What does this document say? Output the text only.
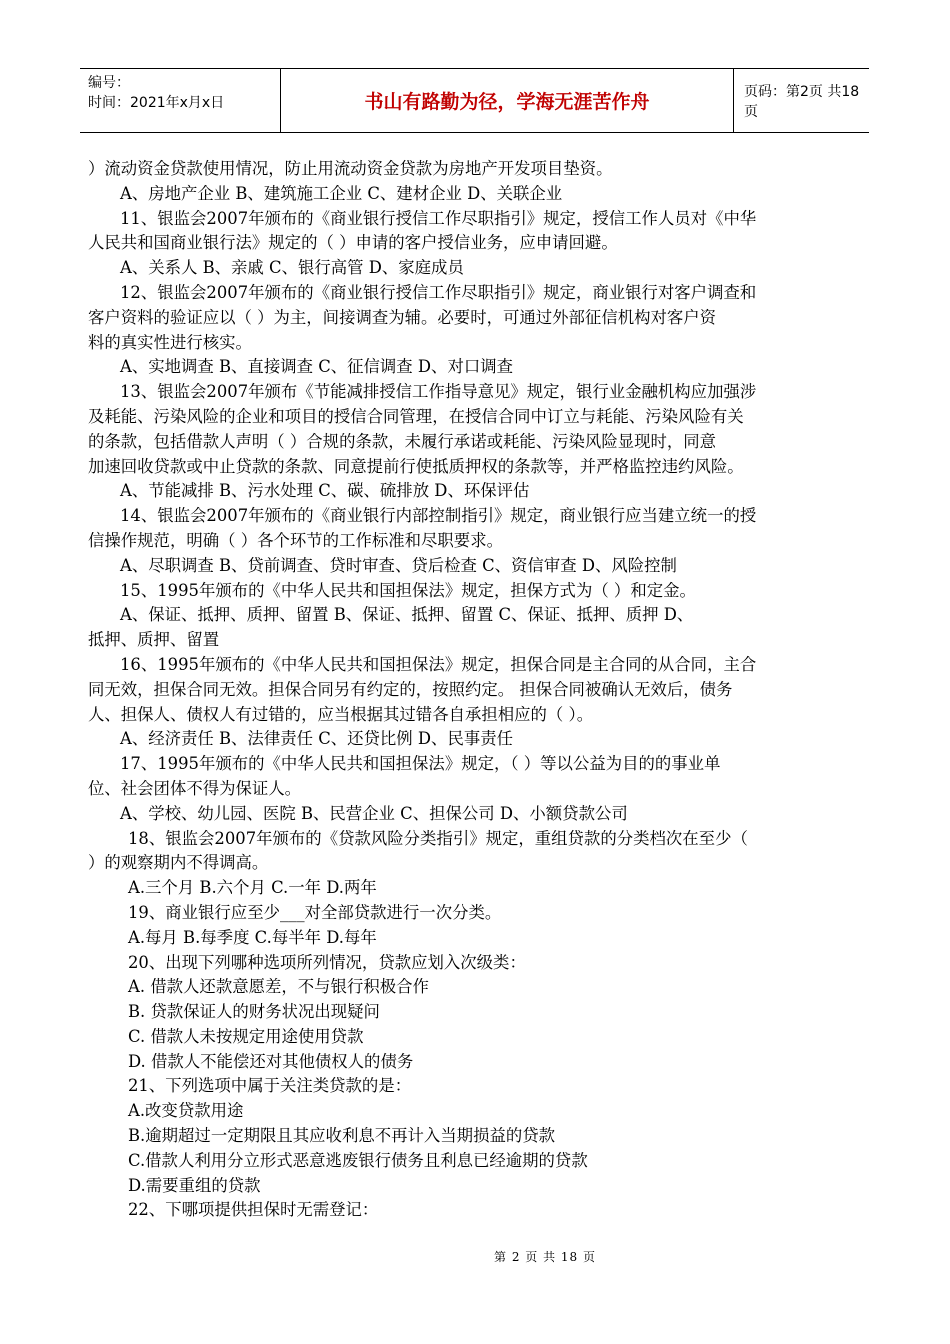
编号：
时间：2021年x月x日	书山有路勤为径，学海无涯苦作舟	页码：第2页 共18页

）流动资金贷款使用情况，防止用流动资金贷款为房地产开发项目垫资。

A、房地产企业 B、建筑施工企业 C、建材企业 D、关联企业

11、银监会2007年颁布的《商业银行授信工作尽职指引》规定，授信工作人员对《中华

人民共和国商业银行法》规定的（ ）申请的客户授信业务，应申请回避。

A、关系人 B、亲戚 C、银行高管 D、家庭成员

12、银监会2007年颁布的《商业银行授信工作尽职指引》规定，商业银行对客户调查和

客户资料的验证应以（ ）为主，间接调查为辅。必要时，可通过外部征信机构对客户资

料的真实性进行核实。

A、实地调查 B、直接调查 C、征信调查 D、对口调查

13、银监会2007年颁布《节能减排授信工作指导意见》规定，银行业金融机构应加强涉

及耗能、污染风险的企业和项目的授信合同管理，在授信合同中订立与耗能、污染风险有关

的条款，包括借款人声明（ ）合规的条款，未履行承诺或耗能、污染风险显现时，同意

加速回收贷款或中止贷款的条款、同意提前行使抵质押权的条款等，并严格监控违约风险。

A、节能减排 B、污水处理 C、碳、硫排放 D、环保评估

14、银监会2007年颁布的《商业银行内部控制指引》规定，商业银行应当建立统一的授

信操作规范，明确（ ）各个环节的工作标准和尽职要求。

A、尽职调查 B、贷前调查、贷时审查、贷后检查 C、资信审查 D、风险控制

15、1995年颁布的《中华人民共和国担保法》规定，担保方式为（ ）和定金。

A、保证、抵押、质押、留置 B、保证、抵押、留置 C、保证、抵押、质押 D、

抵押、质押、留置

16、1995年颁布的《中华人民共和国担保法》规定，担保合同是主合同的从合同，主合

同无效，担保合同无效。担保合同另有约定的，按照约定。 担保合同被确认无效后，债务

人、担保人、债权人有过错的，应当根据其过错各自承担相应的（ ）。

A、经济责任 B、法律责任 C、还贷比例 D、民事责任

17、1995年颁布的《中华人民共和国担保法》规定，（ ）等以公益为目的的事业单

位、社会团体不得为保证人。

A、学校、幼儿园、医院 B、民营企业 C、担保公司 D、小额贷款公司

18、银监会2007年颁布的《贷款风险分类指引》规定，重组贷款的分类档次在至少（

）的观察期内不得调高。

A.三个月 B.六个月 C.一年 D.两年

19、商业银行应至少___对全部贷款进行一次分类。

A.每月 B.每季度 C.每半年 D.每年

20、出现下列哪种选项所列情况，贷款应划入次级类：

A. 借款人还款意愿差，不与银行积极合作

B. 贷款保证人的财务状况出现疑问

C. 借款人未按规定用途使用贷款

D. 借款人不能偿还对其他债权人的债务

21、下列选项中属于关注类贷款的是：

A.改变贷款用途

B.逾期超过一定期限且其应收利息不再计入当期损益的贷款

C.借款人利用分立形式恶意逃废银行债务且利息已经逾期的贷款

D.需要重组的贷款

22、下哪项提供担保时无需登记：

第 2 页 共 18 页
